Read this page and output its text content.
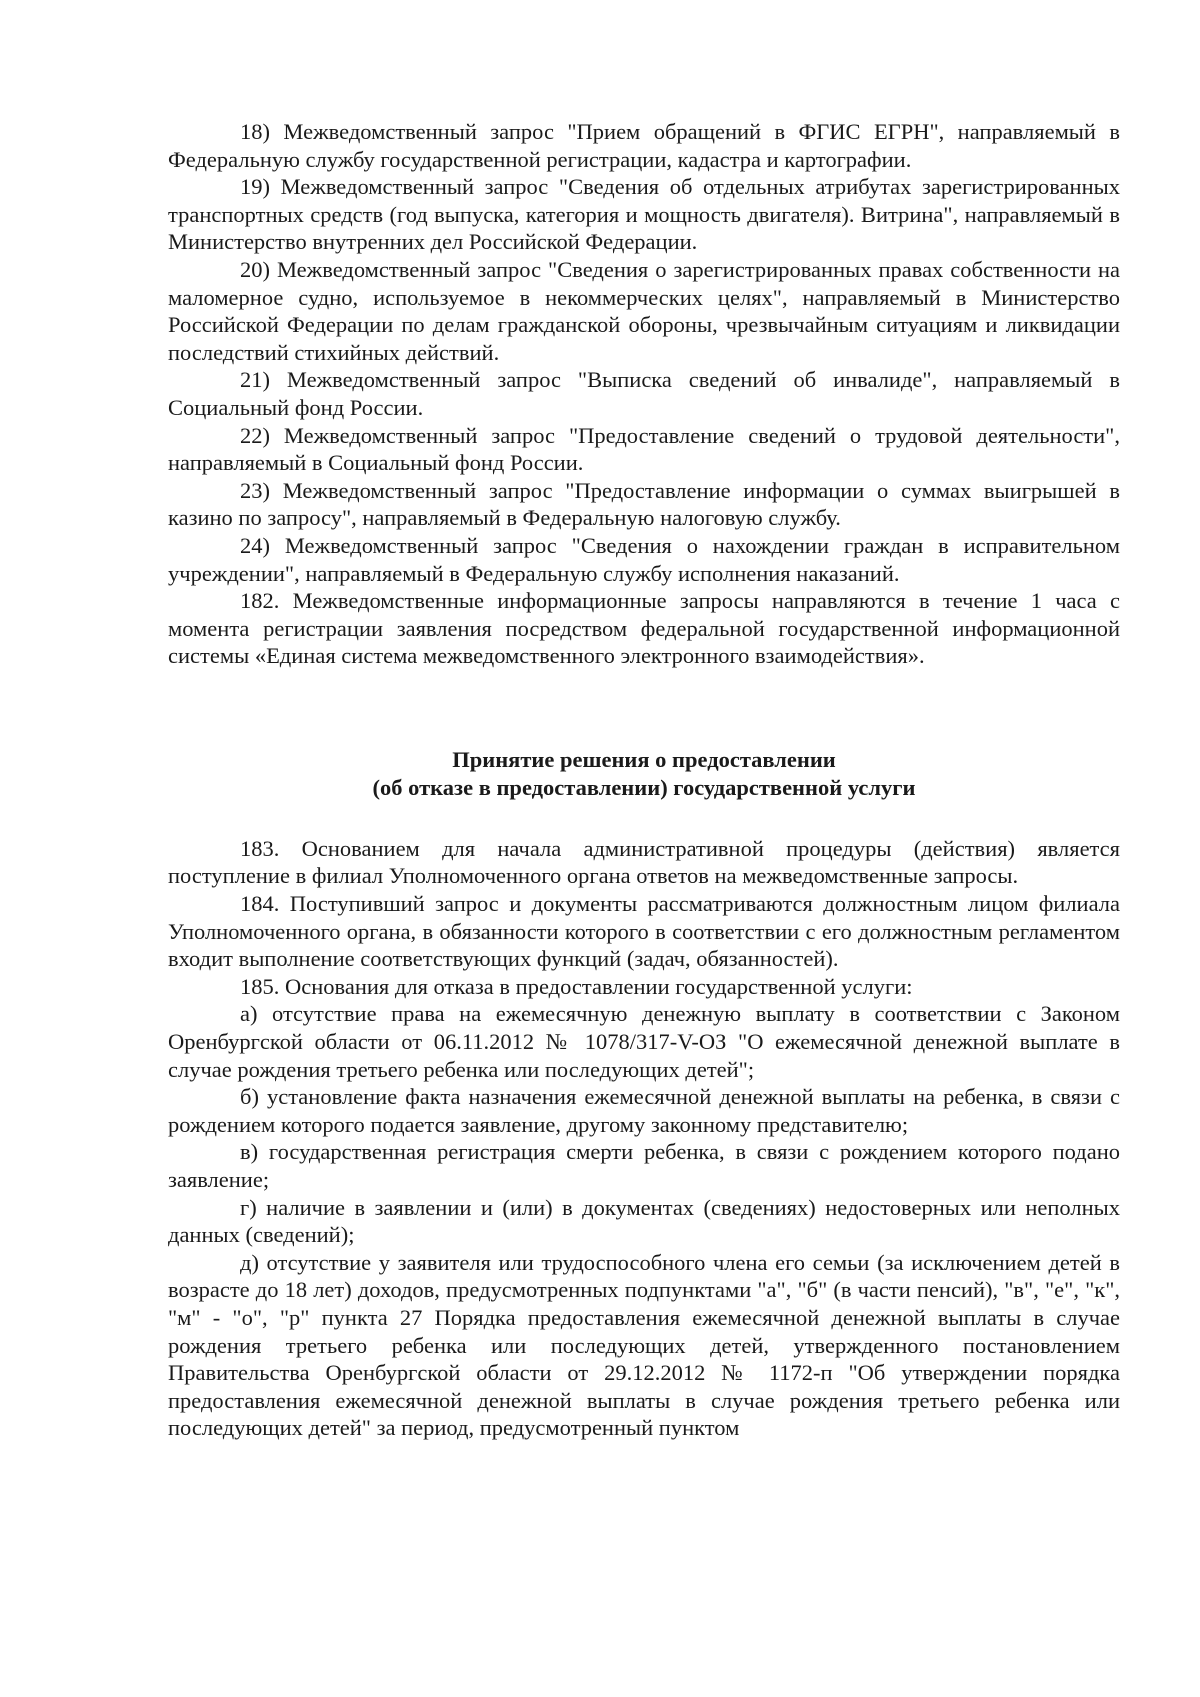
18) Межведомственный запрос "Прием обращений в ФГИС ЕГРН", направляемый в Федеральную службу государственной регистрации, кадастра и картографии.

19) Межведомственный запрос "Сведения об отдельных атрибутах зарегистрированных транспортных средств (год выпуска, категория и мощность двигателя). Витрина", направляемый в Министерство внутренних дел Российской Федерации.

20) Межведомственный запрос "Сведения о зарегистрированных правах собственности на маломерное судно, используемое в некоммерческих целях", направляемый в Министерство Российской Федерации по делам гражданской обороны, чрезвычайным ситуациям и ликвидации последствий стихийных действий.

21) Межведомственный запрос "Выписка сведений об инвалиде", направляемый в Социальный фонд России.

22) Межведомственный запрос "Предоставление сведений о трудовой деятельности", направляемый в Социальный фонд России.

23) Межведомственный запрос "Предоставление информации о суммах выигрышей в казино по запросу", направляемый в Федеральную налоговую службу.

24) Межведомственный запрос "Сведения о нахождении граждан в исправительном учреждении", направляемый в Федеральную службу исполнения наказаний.

182. Межведомственные информационные запросы направляются в течение 1 часа с момента регистрации заявления посредством федеральной государственной информационной системы «Единая система межведомственного электронного взаимодействия».

Принятие решения о предоставлении
(об отказе в предоставлении) государственной услуги

183. Основанием для начала административной процедуры (действия) является поступление в филиал Уполномоченного органа ответов на межведомственные запросы.

184. Поступивший запрос и документы рассматриваются должностным лицом филиала Уполномоченного органа, в обязанности которого в соответствии с его должностным регламентом входит выполнение соответствующих функций (задач, обязанностей).

185. Основания для отказа в предоставлении государственной услуги:

а) отсутствие права на ежемесячную денежную выплату в соответствии с Законом Оренбургской области от 06.11.2012 № 1078/317-V-ОЗ "О ежемесячной денежной выплате в случае рождения третьего ребенка или последующих детей";

б) установление факта назначения ежемесячной денежной выплаты на ребенка, в связи с рождением которого подается заявление, другому законному представителю;

в) государственная регистрация смерти ребенка, в связи с рождением которого подано заявление;

г) наличие в заявлении и (или) в документах (сведениях) недостоверных или неполных данных (сведений);

д) отсутствие у заявителя или трудоспособного члена его семьи (за исключением детей в возрасте до 18 лет) доходов, предусмотренных подпунктами "а", "б" (в части пенсий), "в", "е", "к", "м" - "о", "р" пункта 27 Порядка предоставления ежемесячной денежной выплаты в случае рождения третьего ребенка или последующих детей, утвержденного постановлением Правительства Оренбургской области от 29.12.2012 № 1172-п "Об утверждении порядка предоставления ежемесячной денежной выплаты в случае рождения третьего ребенка или последующих детей" за период, предусмотренный пунктом
